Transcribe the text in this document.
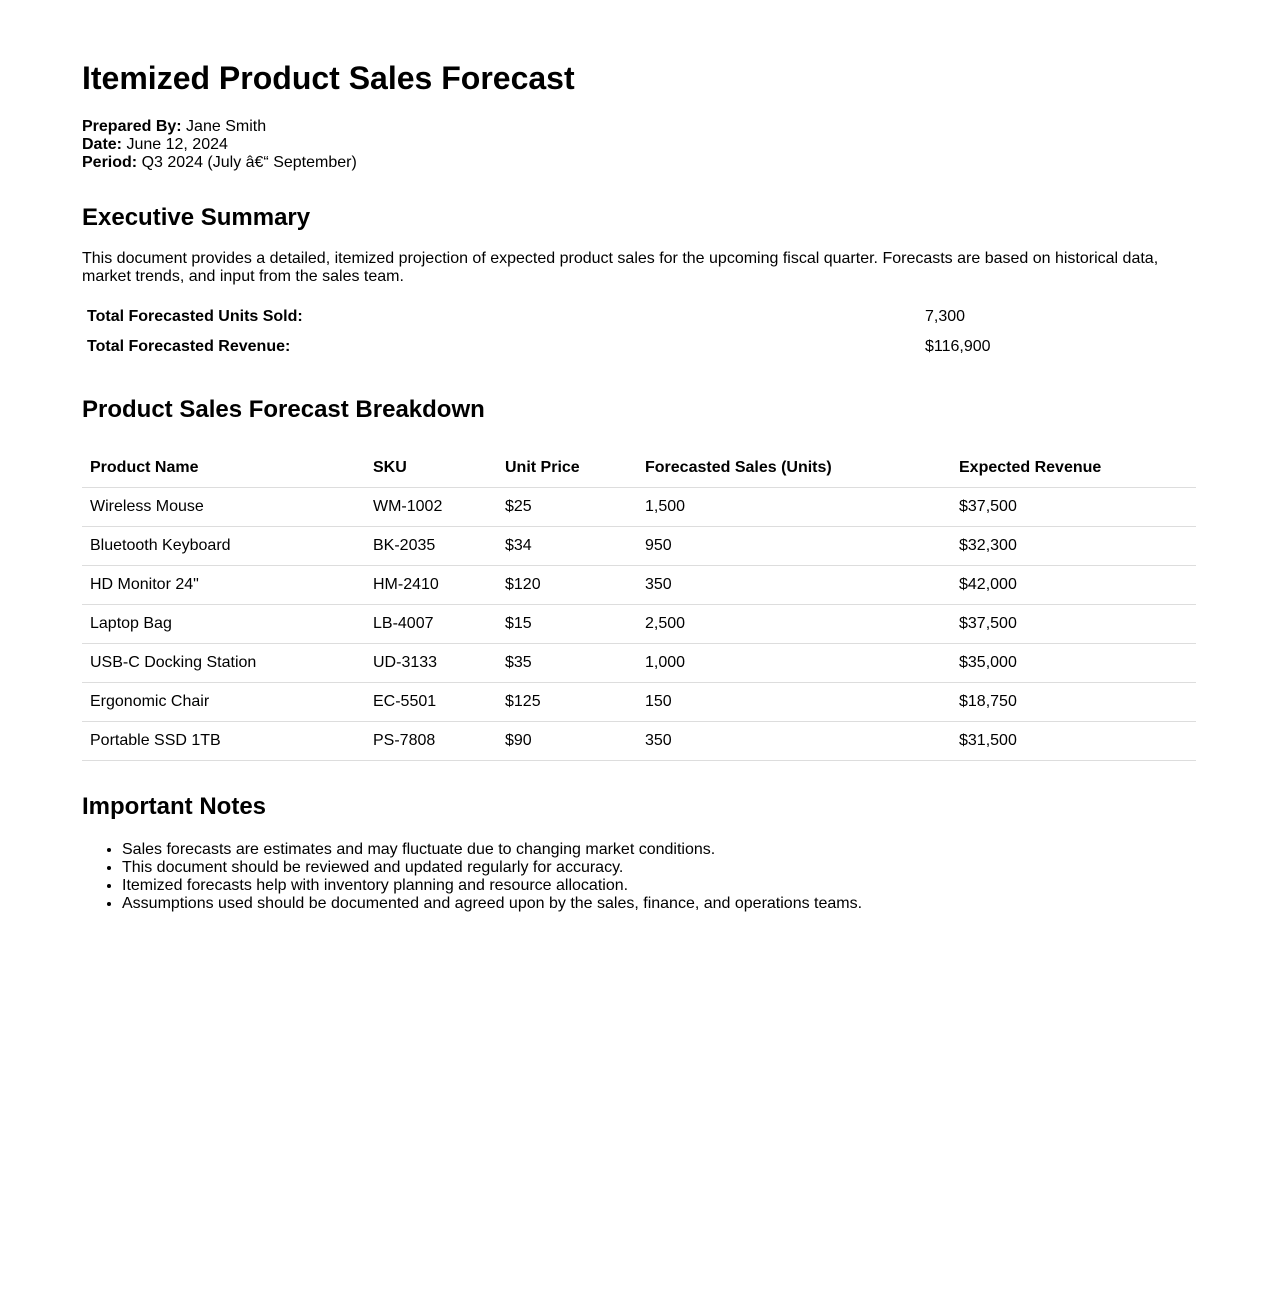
Itemized Product Sales Forecast
Prepared By: Jane Smith
Date: June 12, 2024
Period: Q3 2024 (July â€“ September)
Executive Summary

This document provides a detailed, itemized projection of expected product sales for the upcoming fiscal quarter. Forecasts are based on historical data, market trends, and input from the sales team.

Total Forecasted Units Sold:	7,300
Total Forecasted Revenue:	$116,900
Product Sales Forecast Breakdown
Product Name	SKU	Unit Price	Forecasted Sales (Units)	Expected Revenue
Wireless Mouse	WM-1002	$25	1,500	$37,500
Bluetooth Keyboard	BK-2035	$34	950	$32,300
HD Monitor 24"	HM-2410	$120	350	$42,000
Laptop Bag	LB-4007	$15	2,500	$37,500
USB-C Docking Station	UD-3133	$35	1,000	$35,000
Ergonomic Chair	EC-5501	$125	150	$18,750
Portable SSD 1TB	PS-7808	$90	350	$31,500
Important Notes
• Sales forecasts are estimates and may fluctuate due to changing market conditions.
• This document should be reviewed and updated regularly for accuracy.
• Itemized forecasts help with inventory planning and resource allocation.
• Assumptions used should be documented and agreed upon by the sales, finance, and operations teams.
